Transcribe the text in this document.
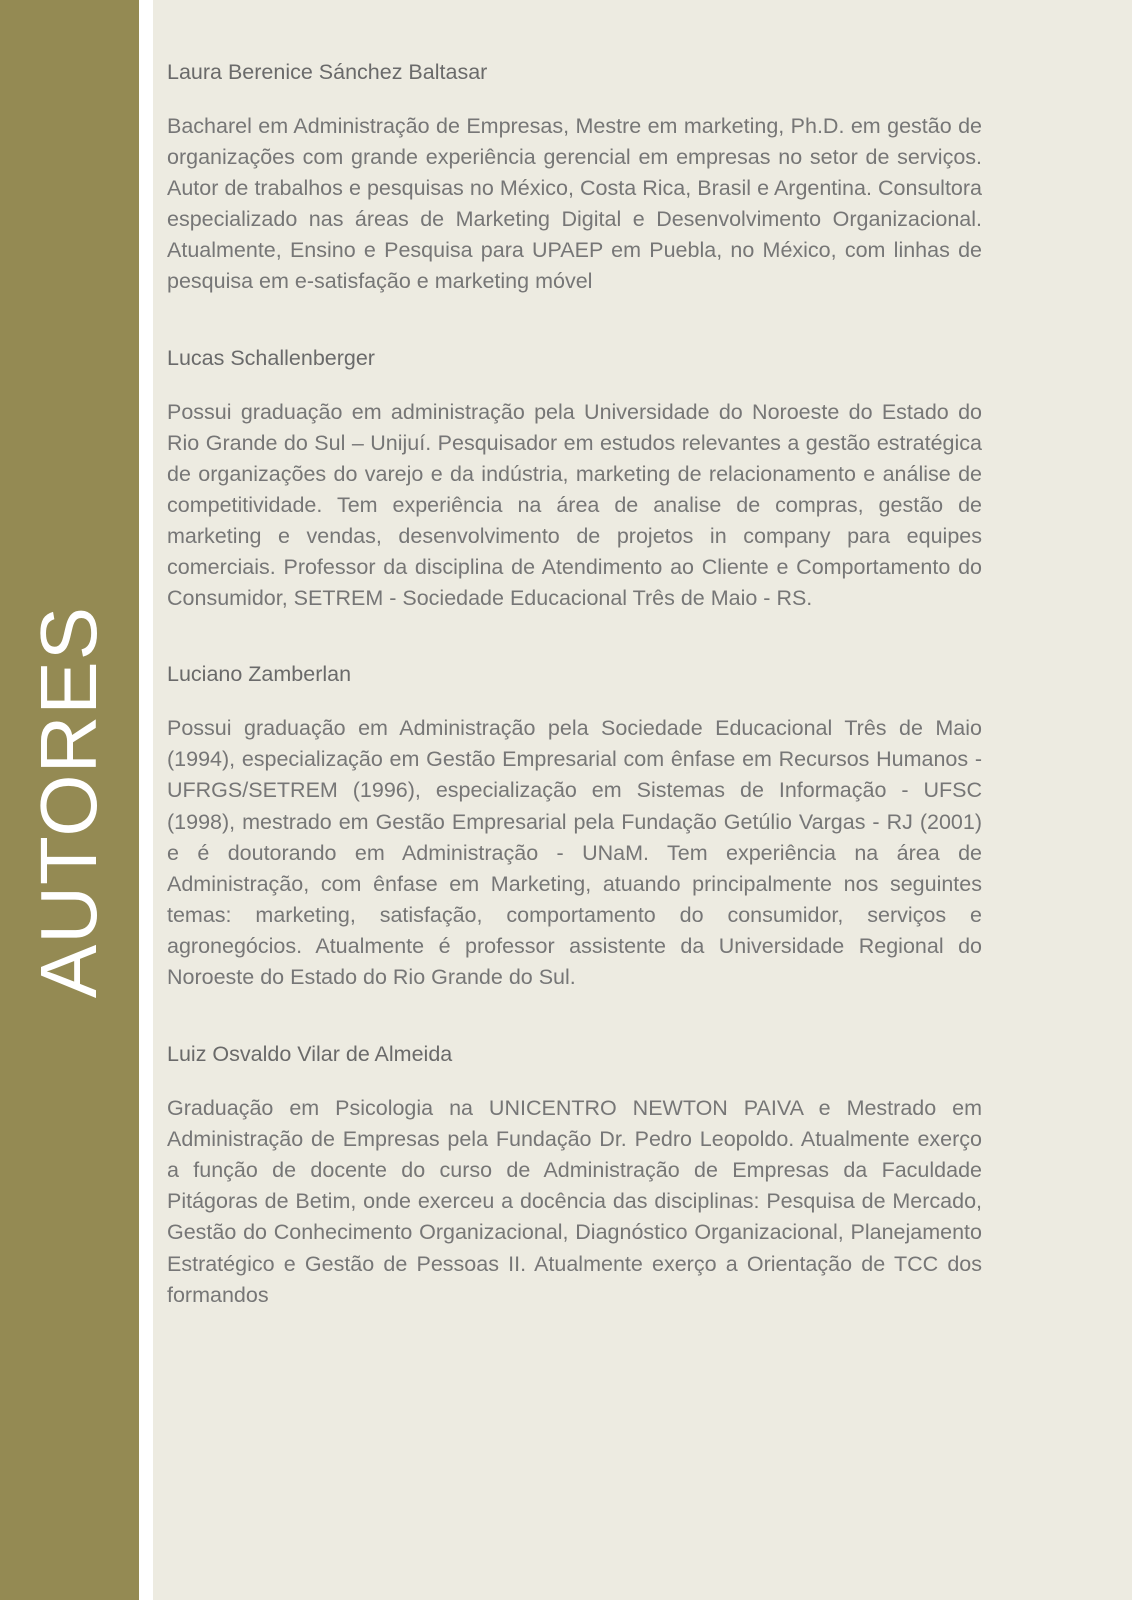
AUTORES

Laura Berenice Sánchez Baltasar

Bacharel em Administração de Empresas, Mestre em marketing, Ph.D. em gestão de organizações com grande experiência gerencial em empresas no setor de serviços. Autor de trabalhos e pesquisas no México, Costa Rica, Brasil e Argentina. Consultora especializado nas áreas de Marketing Digital e Desenvolvimento Organizacional. Atualmente, Ensino e Pesquisa para UPAEP em Puebla, no México, com linhas de pesquisa em e-satisfação e marketing móvel

Lucas Schallenberger

Possui graduação em administração pela Universidade do Noroeste do Estado do Rio Grande do Sul – Unijuí. Pesquisador em estudos relevantes a gestão estratégica de organizações do varejo e da indústria, marketing de relacionamento e análise de competitividade. Tem experiência na área de analise de compras, gestão de marketing e vendas, desenvolvimento de projetos in company para equipes comerciais. Professor da disciplina de Atendimento ao Cliente e Comportamento do Consumidor, SETREM - Sociedade Educacional Três de Maio - RS.

Luciano Zamberlan

Possui graduação em Administração pela Sociedade Educacional Três de Maio (1994), especialização em Gestão Empresarial com ênfase em Recursos Humanos - UFRGS/SETREM (1996), especialização em Sistemas de Informação - UFSC (1998), mestrado em Gestão Empresarial pela Fundação Getúlio Vargas - RJ (2001) e é doutorando em Administração - UNaM. Tem experiência na área de Administração, com ênfase em Marketing, atuando principalmente nos seguintes temas: marketing, satisfação, comportamento do consumidor, serviços e agronegócios. Atualmente é professor assistente da Universidade Regional do Noroeste do Estado do Rio Grande do Sul.

Luiz Osvaldo Vilar de Almeida

Graduação em Psicologia na UNICENTRO NEWTON PAIVA e Mestrado em Administração de Empresas pela Fundação Dr. Pedro Leopoldo. Atualmente exerço a função de docente do curso de Administração de Empresas da Faculdade Pitágoras de Betim, onde exerceu a docência das disciplinas: Pesquisa de Mercado, Gestão do Conhecimento Organizacional, Diagnóstico Organizacional, Planejamento Estratégico e Gestão de Pessoas II. Atualmente exerço a Orientação de TCC dos formandos
